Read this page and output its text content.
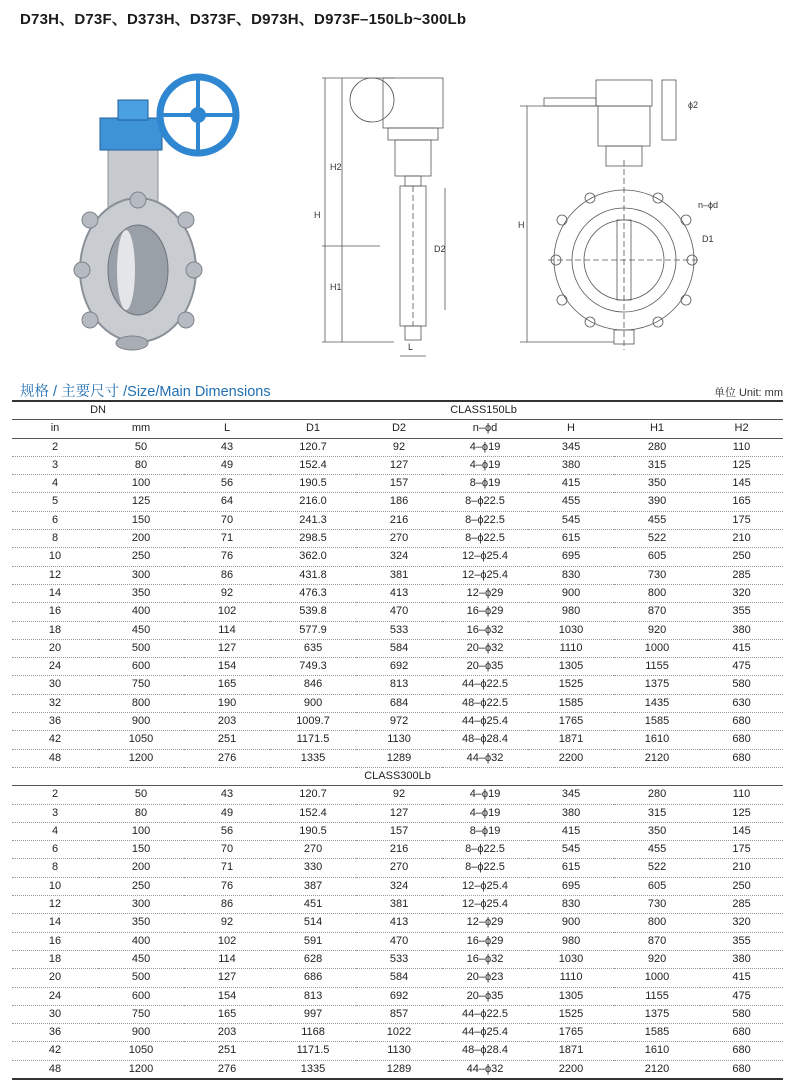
D73H、D73F、D373H、D373F、D973H、D973F–150Lb~300Lb
H
H2
H1
D2
L
H
D1
n–ϕd
ϕ2
规格 / 主要尺寸 /Size/Main Dimensions	单位 Unit: mm
DN		CLASS150Lb						
in	mm	L	D1	D2	n–ϕd	H	H1	H2
2	50	43	120.7	92	4–ϕ19	345	280	110
3	80	49	152.4	127	4–ϕ19	380	315	125
4	100	56	190.5	157	8–ϕ19	415	350	145
5	125	64	216.0	186	8–ϕ22.5	455	390	165
6	150	70	241.3	216	8–ϕ22.5	545	455	175
8	200	71	298.5	270	8–ϕ22.5	615	522	210
10	250	76	362.0	324	12–ϕ25.4	695	605	250
12	300	86	431.8	381	12–ϕ25.4	830	730	285
14	350	92	476.3	413	12–ϕ29	900	800	320
16	400	102	539.8	470	16–ϕ29	980	870	355
18	450	114	577.9	533	16–ϕ32	1030	920	380
20	500	127	635	584	20–ϕ32	1110	1000	415
24	600	154	749.3	692	20–ϕ35	1305	1155	475
30	750	165	846	813	44–ϕ22.5	1525	1375	580
32	800	190	900	684	48–ϕ22.5	1585	1435	630
36	900	203	1009.7	972	44–ϕ25.4	1765	1585	680
42	1050	251	1171.5	1130	48–ϕ28.4	1871	1610	680
48	1200	276	1335	1289	44–ϕ32	2200	2120	680
CLASS300Lb								
2	50	43	120.7	92	4–ϕ19	345	280	110
3	80	49	152.4	127	4–ϕ19	380	315	125
4	100	56	190.5	157	8–ϕ19	415	350	145
6	150	70	270	216	8–ϕ22.5	545	455	175
8	200	71	330	270	8–ϕ22.5	615	522	210
10	250	76	387	324	12–ϕ25.4	695	605	250
12	300	86	451	381	12–ϕ25.4	830	730	285
14	350	92	514	413	12–ϕ29	900	800	320
16	400	102	591	470	16–ϕ29	980	870	355
18	450	114	628	533	16–ϕ32	1030	920	380
20	500	127	686	584	20–ϕ23	1110	1000	415
24	600	154	813	692	20–ϕ35	1305	1155	475
30	750	165	997	857	44–ϕ22.5	1525	1375	580
36	900	203	1168	1022	44–ϕ25.4	1765	1585	680
42	1050	251	1171.5	1130	48–ϕ28.4	1871	1610	680
48	1200	276	1335	1289	44–ϕ32	2200	2120	680
